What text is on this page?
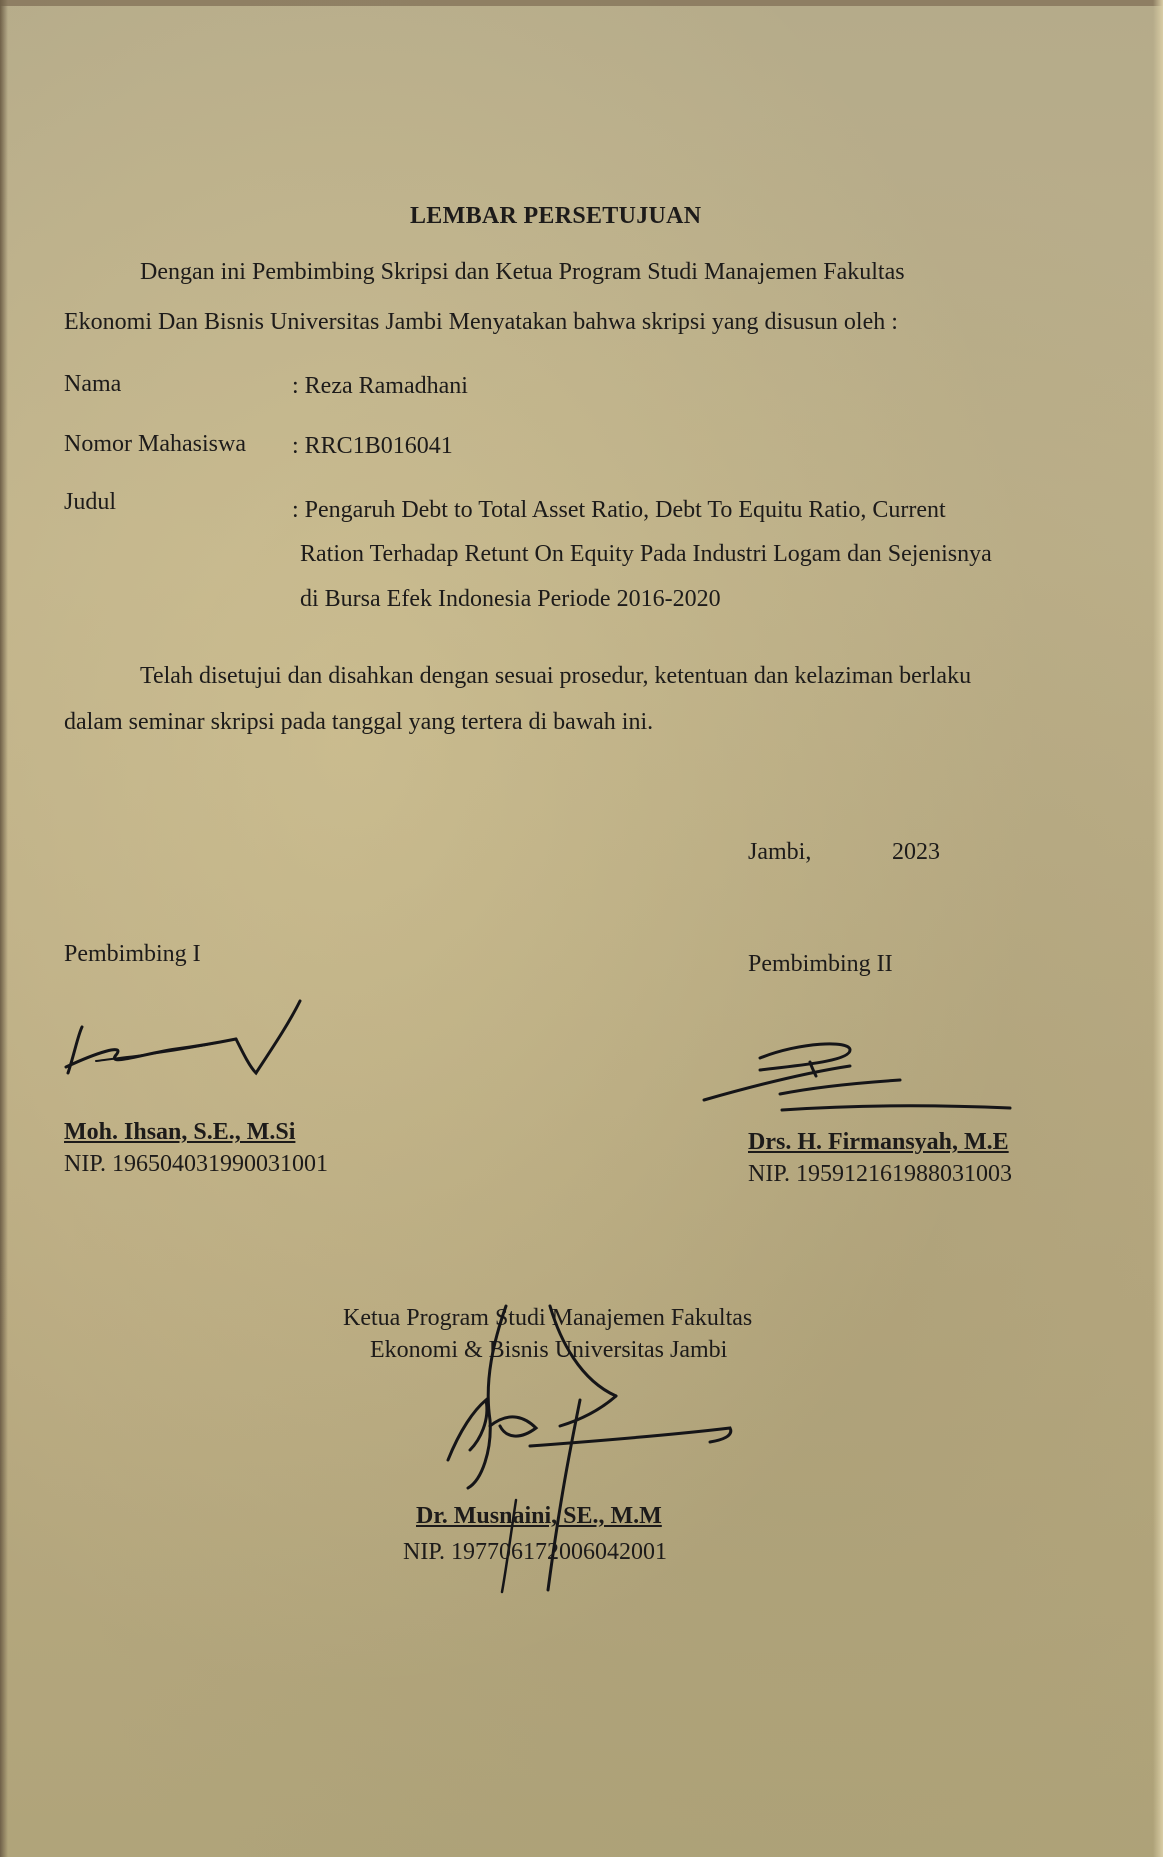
LEMBAR PERSETUJUAN
Dengan ini Pembimbing Skripsi dan Ketua Program Studi Manajemen Fakultas
Ekonomi Dan Bisnis Universitas Jambi Menyatakan bahwa skripsi yang disusun oleh :
Nama	: Reza Ramadhani
Nomor Mahasiswa : RRC1B016041
Judul	: Pengaruh Debt to Total Asset Ratio, Debt To Equitu Ratio, Current
Ration Terhadap Retunt On Equity Pada Industri Logam dan Sejenisnya
di Bursa Efek Indonesia Periode 2016-2020
Telah disetujui dan disahkan dengan sesuai prosedur, ketentuan dan kelaziman berlaku
dalam seminar skripsi pada tanggal yang tertera di bawah ini.
Jambi,	2023
Pembimbing I	Pembimbing II
Moh. Ihsan, S.E., M.Si
NIP. 196504031990031001
Drs. H. Firmansyah, M.E
NIP. 195912161988031003
Ketua Program Studi Manajemen Fakultas
Ekonomi & Bisnis Universitas Jambi
Dr. Musnaini, SE., M.M
NIP. 197706172006042001
